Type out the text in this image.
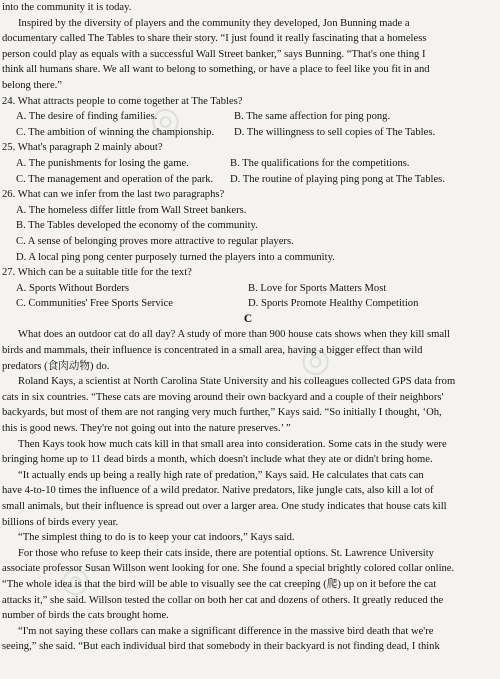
into the community it is today.
Inspired by the diversity of players and the community they developed, Jon Bunning made a
documentary called The Tables to share their story. “I just found it really fascinating that a homeless
person could play as equals with a successful Wall Street banker,” says Bunning. “That's one thing I
think all humans share. We all want to belong to something, or have a place to feel like you fit in and
belong there.”
24. What attracts people to come together at The Tables?
A. The desire of finding families.	B. The same affection for ping pong.
C. The ambition of winning the championship.	D. The willingness to sell copies of The Tables.
25. What's paragraph 2 mainly about?
A. The punishments for losing the game.	B. The qualifications for the competitions.
C. The management and operation of the park.	D. The routine of playing ping pong at The Tables.
26. What can we infer from the last two paragraphs?
A. The homeless differ little from Wall Street bankers.
B. The Tables developed the economy of the community.
C. A sense of belonging proves more attractive to regular players.
D. A local ping pong center purposely turned the players into a community.
27. Which can be a suitable title for the text?
A. Sports Without Borders	B. Love for Sports Matters Most
C. Communities' Free Sports Service	D. Sports Promote Healthy Competition
C
What does an outdoor cat do all day? A study of more than 900 house cats shows when they kill small
birds and mammals, their influence is concentrated in a small area, having a bigger effect than wild
predators (食肉动物) do.
Roland Kays, a scientist at North Carolina State University and his colleagues collected GPS data from
cats in six countries. “These cats are moving around their own backyard and a couple of their neighbors'
backyards, but most of them are not ranging very much further,” Kays said. “So initially I thought, ‘Oh,
this is good news. They're not going out into the nature preserves.’ ”
Then Kays took how much cats kill in that small area into consideration. Some cats in the study were
bringing home up to 11 dead birds a month, which doesn't include what they ate or didn't bring home.
“It actually ends up being a really high rate of predation,” Kays said. He calculates that cats can
have 4-to-10 times the influence of a wild predator. Native predators, like jungle cats, also kill a lot of
small animals, but their influence is spread out over a larger area. One study indicates that house cats kill
billions of birds every year.
“The simplest thing to do is to keep your cat indoors,” Kays said.
For those who refuse to keep their cats inside, there are potential options. St. Lawrence University
associate professor Susan Willson went looking for one. She found a special brightly colored collar online.
“The whole idea is that the bird will be able to visually see the cat creeping (爬) up on it before the cat
attacks it,” she said. Willson tested the collar on both her cat and dozens of others. It greatly reduced the
number of birds the cats brought home.
“I'm not saying these collars can make a significant difference in the massive bird death that we're
seeing,” she said. “But each individual bird that somebody in their backyard is not finding dead, I think
◎
◎
◎
